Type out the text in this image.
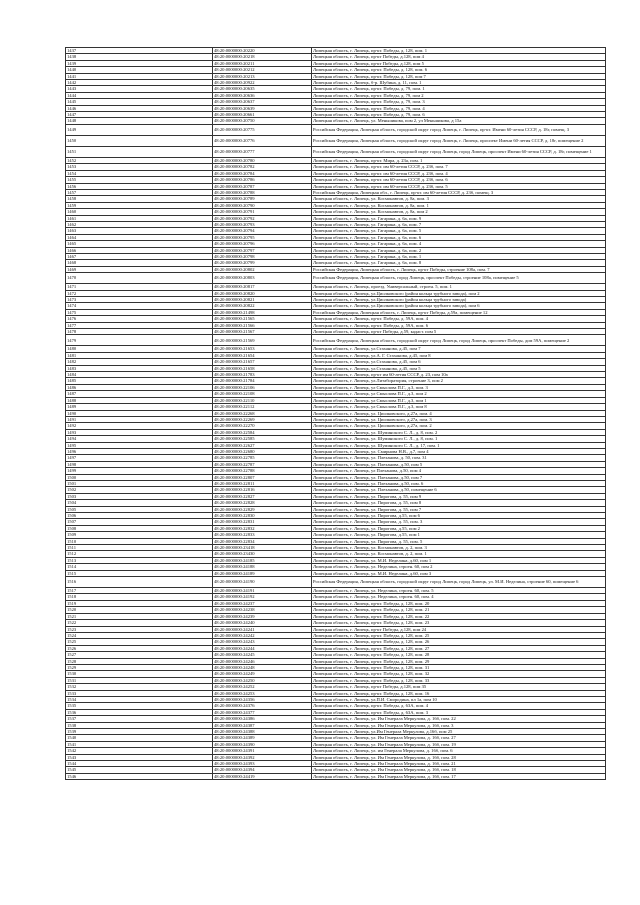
1437	48:20:0000000:20220	Липецкая область, г. Липецк, пр-кт. Победы, д. 128, пом. 1
1438	48:20:0000000:20218	Липецкая область, г. Липецк, пр-кт Победы, д.128, пом 4
1439	48:20:0000000:20211	Липецкая область, г. Липецк, пр-кт Победы, д.128, пом 5
1440	48:20:0000000:20212	Липецкая область, г. Липецк, пр-кт. Победы, д. 128, пом. 6
1441	48:20:0000000:20213	Липецкая область, г. Липецк, пр-кт. Победы, д. 128, пом 7
1442	48:20:0000000:20922	Липецкая область, г. Липецк, б-р. Шубина, д. 11, пом. 1
1443	48:20:0000000:20635	Липецкая область, г. Липецк, пр-кт. Победы, д. 79, пом. 1
1444	48:20:0000000:20636	Липецкая область, г. Липецк, пр-кт. Победы, д. 79, пом 2
1445	48:20:0000000:20637	Липецкая область, г. Липецк, пр-кт. Победы, д. 79, пом. 3
1446	48:20:0000000:20639	Липецкая область, г. Липецк, пр-кт. Победы, д. 79, пом. 4
1447	48:20:0000000:20661	Липецкая область, г. Липецк, пр-кт. Победы, д. 79, пом. 6
1448	48:20:0000000:20750	Липецкая область, г. Липецк, ул. Меньшикова, пом 2, ул Меньшикова, д 15а
1449	48:20:0000000:20775	Российская Федерация, Липецкая область, городской округ город Липецк, г. Липецк, пр-кт. Имени 60-летия СССР, д. 18г, помещ. 3
1450	48:20:0000000:20776	Российская Федерация, Липецкая область, городской округ город Липецк, г. Липецк, проспект Имени 60-летия СССР, д. 18г, помещение 2
1451	48:20:0000000:20777	Российская Федерация, Липецкая область, городской округ город Липецк, город Липецк, проспект Имени 60-летия СССР, д. 18г, помещение 1
1452	48:20:0000000:20780	Липецкая область, г. Липецк, пр-кт. Мира, д. 23а, пом. 1
1453	48:20:0000000:20782	Липецкая область, г. Липецк, пр-кт. им 60-летия СССР, д. 23б, пом. 7
1454	48:20:0000000:20784	Липецкая область, г. Липецк, пр-кт. им 60-летия СССР, д. 23б, пом. 4
1455	48:20:0000000:20786	Липецкая область, г. Липецк, пр-кт. им 60-летия СССР, д. 23б, пом. 6
1456	48:20:0000000:20787	Липецкая область, г. Липецк, пр-кт. им 60-летия СССР, д. 23б, пом. 5
1457	48:20:0000000:20788	Российская Федерация, Липецкая обл., г. Липецк, пр-кт. им 60-летия СССР, д. 23б, помещ. 3
1458	48:20:0000000:20789	Липецкая область, г. Липецк, ул. Космонавтов, д. 8а, пом. 3
1459	48:20:0000000:20790	Липецкая область, г. Липецк, ул. Космонавтов, д. 8а, пом. 1
1460	48:20:0000000:20791	Липецкая область, г. Липецк, ул. Космонавтов, д. 8а, пом 2
1461	48:20:0000000:20792	Липецкая область, г. Липецк, ул. Гагарина, д. 6а, пом. 9
1462	48:20:0000000:20793	Липецкая область, г. Липецк, ул. Гагарина, д. 6а, пом. 7
1463	48:20:0000000:20794	Липецкая область, г. Липецк, ул. Гагарина, д. 6а, пом. 5
1464	48:20:0000000:20795	Липецкая область, г. Липецк, ул. Гагарина, д. 6а, пом. 6
1465	48:20:0000000:20796	Липецкая область, г. Липецк, ул. Гагарина, д. 6а, пом. 4
1466	48:20:0000000:20797	Липецкая область, г. Липецк, ул. Гагарина, д. 6а, пом. 2
1467	48:20:0000000:20798	Липецкая область, г. Липецк, ул. Гагарина, д. 6а, пом. 1
1468	48:20:0000000:20799	Липецкая область, г. Липецк, ул. Гагарина, д. 6а, пом. 8
1469	48:20:0000000:20802	Российская Федерация, Липецкая область, г. Липецк, пр-кт Победы, строение 108а, пом. 7
1470	48:20:0000000:20803	Российская Федерация, Липецкая область, город Липецк, проспект Победы, строение 108а, помещение 5
1471	48:20:0000000:20817	Липецкая область, г. Липецк, проезд. Универсальный, строен. 5, пом. 1
1472	48:20:0000000:20820	Липецкая область, г. Липецк, ул.Циолковского (район кольца трубного завода), пом 2
1473	48:20:0000000:20821	Липецкая область, г. Липецк, ул.Циолковского (район кольца трубного завода)
1474	48:20:0000000:20822	Липецкая область, г. Липецк, ул.Циолковского (район кольца трубного завода), пом 6
1475	48:20:0000000:21498	Российская Федерация, Липецкая область, г. Липецк, пр-кт Победы, д.59а, помещение 12
1476	48:20:0000000:21565	Липецкая область, г. Липецк, пр-кт. Победы, д. 59А, пом. 4
1477	48:20:0000000:21566	Липецкая область, г. Липецк, пр-кт. Победы, д. 59А, пом. 6
1478	48:20:0000000:21567	Липецкая область, г. Липецк, пр-кт Победы, д.59, кадаст. пом 5
1479	48:20:0000000:21569	Российская Федерация, Липецкая область, городской округ город Липецк, город Липецк, проспект Победы, дом 59А, помещение 2
1480	48:20:0000000:21653	Липецкая область, г. Липецк, ул.Стаханова, д.45, пом 7
1481	48:20:0000000:21654	Липецкая область, г. Липецк, ул.А. Г. Стаханова, д.45, пом 8
1482	48:20:0000000:21657	Липецкая область, г. Липецк, ул.Стаханова, д.45, пом 6
1483	48:20:0000000:21658	Липецкая область, г. Липецк, ул.Стаханова, д.45, пом 5
1484	48:20:0000000:21783	Липецкая область, г. Липецк, пр-кт им 60-летия СССР, д. 23, пом 10а
1485	48:20:0000000:21784	Липецкая область, г. Липецк, ул.Литаборатория, строение 3, пом 2
1486	48:20:0000000:22106	Липецкая область, г. Липецк, ул Смыслова П.Г., д.3, пом. 3
1487	48:20:0000000:22108	Липецкая область, г. Липецк, ул Смыслова П.Г., д.3, пом 2
1488	48:20:0000000:22110	Липецкая область, г. Липецк, ул Смыслова П.Г., д.3, пом 1
1489	48:20:0000000:22112	Липецкая область, г. Липецк, ул Смыслова П.Г., д.3, пом 8
1490	48:20:0000000:22268	Липецкая область, г. Липецк, ул. Циолковского, д.27а, пом. 4
1491	48:20:0000000:22269	Липецкая область, г. Липецк, ул. Циолковского, д.27а, пом. 3
1492	48:20:0000000:22270	Липецкая область, г. Липецк, ул. Циолковского, д.27а, пом. 2
1493	48:20:0000000:22584	Липецкая область, г. Липецк, ул. Шуминского С. Л., д. 8, пом. 2
1494	48:20:0000000:22585	Липецкая область, г. Липецк, ул. Шуминского С. Л., д. 8, пом. 1
1495	48:20:0000000:22627	Липецкая область, г. Липецк, ул. Шуминского С. Л., д. 17, пом. 1
1496	48:20:0000000:22680	Липецкая область, г. Липецк, ул. Смирнова Н.В., д.7, пом 4
1497	48:20:0000000:22785	Липецкая область, г. Липецк, ул. Плеханова, д. 50, пом. 31
1498	48:20:0000000:22787	Липецкая область, г. Липецк, ул. Плеханова, д.50, пом 5
1499	48:20:0000000:22788	Липецкая область, г. Липецк, ул Плеханова, д.50, пом 4
1500	48:20:0000000:22807	Липецкая область, г. Липецк, ул. Плеханова, д.50, пом 7
1501	48:20:0000000:22811	Липецкая область, г. Липецк, ул. Плеханова, д.50, пом. 6
1502	48:20:0000000:22816	Липецкая область, г. Липецк, ул. Плеханова, д.50, помещение 6
1503	48:20:0000000:22827	Липецкая область, г. Липецк, ул. Пирогова, д. 55, пом 9
1504	48:20:0000000:22828	Липецкая область, г. Липецк, ул. Пирогова, д. 55, пом 8
1505	48:20:0000000:22829	Липецкая область, г. Липецк, ул. Пирогова, д. 55, пом 7
1506	48:20:0000000:22830	Липецкая область, г. Липецк, ул. Пирогова, д.55, пом 6
1507	48:20:0000000:22831	Липецкая область, г. Липецк, ул. Пирогова, д. 55, пом. 3
1508	48:20:0000000:22832	Липецкая область, г. Липецк, ул. Пирогова, д.55, пом 2
1509	48:20:0000000:22833	Липецкая область, г. Липецк, ул. Пирогова, д.55, пом 1
1510	48:20:0000000:22834	Липецкая область, г. Липецк, ул. Пирогова, д. 55, пом. 5
1511	48:20:0000000:23418	Липецкая область, г. Липецк, ул. Космонавтов, д. 2, пом. 3
1512	48:20:0000000:23430	Липецкая область, г. Липецк, ул. Космонавтов, д. 2, пом. 1
1513	48:20:0000000:24185	Липецкая область, г. Липецк, ул. М.И. Неделина, д.60, пом 1
1514	48:20:0000000:24188	Липецкая область, г. Липецк, ул. Неделина, строен. 60, пом 2
1515	48:20:0000000:24189	Липецкая область, г. Липецк, ул. М.И. Неделина, д.60, пом 3
1516	48:20:0000000:24190	Российская Федерация, Липецкая область, городской округ город Липецк, город Липецк, ул. М.И. Неделина, строение 60, помещение 6
1517	48:20:0000000:24191	Липецкая область, г. Липецк, ул. Неделина, строен. 60, пом. 5
1518	48:20:0000000:24192	Липецкая область, г. Липецк, ул. Неделина, строен. 60, пом. 4
1519	48:20:0000000:24237	Липецкая область, г. Липецк, пр-кт. Победы, д. 128, пом. 20
1520	48:20:0000000:24238	Липецкая область, г. Липецк, пр-кт. Победы, д. 128, пом. 21
1521	48:20:0000000:24239	Липецкая область, г. Липецк, пр-кт. Победы, д. 128, пом. 22
1522	48:20:0000000:24240	Липецкая область, г. Липецк, пр-кт. Победы, д. 128, пом. 23
1523	48:20:0000000:24241	Липецкая область, г. Липецк, пр-кт Победы, д.128, пом 24
1524	48:20:0000000:24242	Липецкая область, г. Липецк, пр-кт. Победы, д. 128, пом. 25
1525	48:20:0000000:24243	Липецкая область, г. Липецк, пр-кт. Победы, д. 128, пом. 26
1526	48:20:0000000:24244	Липецкая область, г. Липецк, пр-кт. Победы, д. 128, пом. 27
1527	48:20:0000000:24245	Липецкая область, г. Липецк, пр-кт. Победы, д. 128, пом. 28
1528	48:20:0000000:24246	Липецкая область, г. Липецк, пр-кт. Победы, д. 128, пом. 29
1529	48:20:0000000:24248	Липецкая область, г. Липецк, пр-кт. Победы, д. 128, пом. 31
1530	48:20:0000000:24249	Липецкая область, г. Липецк, пр-кт. Победы, д. 128, пом. 32
1531	48:20:0000000:24250	Липецкая область, г. Липецк, пр-кт. Победы, д. 128, пом. 33
1532	48:20:0000000:24252	Липецкая область, г. Липецк, пр-кт Победы, д.128, пом 35
1533	48:20:0000000:24253	Липецкая область, г. Липецк, пр-кт. Победы, д. 128, пом. 16
1534	48:20:0000000:24356	Липецкая область, г. Липецк, ул.П.И. Смородина, пл 1а, пом 10
1535	48:20:0000000:24376	Липецкая область, г. Липецк, пр-кт. Победы, д. 63А, пом. 4
1536	48:20:0000000:24377	Липецкая область, г. Липецк, пр-кт. Победы, д. 63А, пом. 3
1537	48:20:0000000:24386	Липецкая область, г. Липецк, ул. Им Генерала Меркулова, д. 16б, пом. 22
1538	48:20:0000000:24387	Липецкая область, г. Липецк, ул. Им Генерала Меркулова, д. 16б, пом. 3
1539	48:20:0000000:24388	Липецкая область, г. Липецк, ул.Им Генерала Меркулова, д.16б, пом 25
1540	48:20:0000000:24389	Липецкая область, г. Липецк, ул. Им Генерала Меркулова, д. 16б, пом. 27
1541	48:20:0000000:24390	Липецкая область, г. Липецк, ул. Им Генерала Меркулова, д. 16б, пом. 19
1542	48:20:0000000:24391	Липецкая область, г. Липецк, ул. им Генерала Меркулова, д. 16б, пом. 6
1543	48:20:0000000:24392	Липецкая область, г. Липецк, ул. Им Генерала Меркулова, д. 16б, пом. 28
1544	48:20:0000000:24393	Липецкая область, г. Липецк, ул. Им Генерала Меркулова, д. 16б, пом. 21
1545	48:20:0000000:24394	Липецкая область, г. Липецк, ул. Им Генерала Меркулова, д. 16б, пом. 18
1546	48:20:0000000:24419	Липецкая область, г. Липецк, ул. Им Генерала Меркулова, д. 16б, пом. 17
